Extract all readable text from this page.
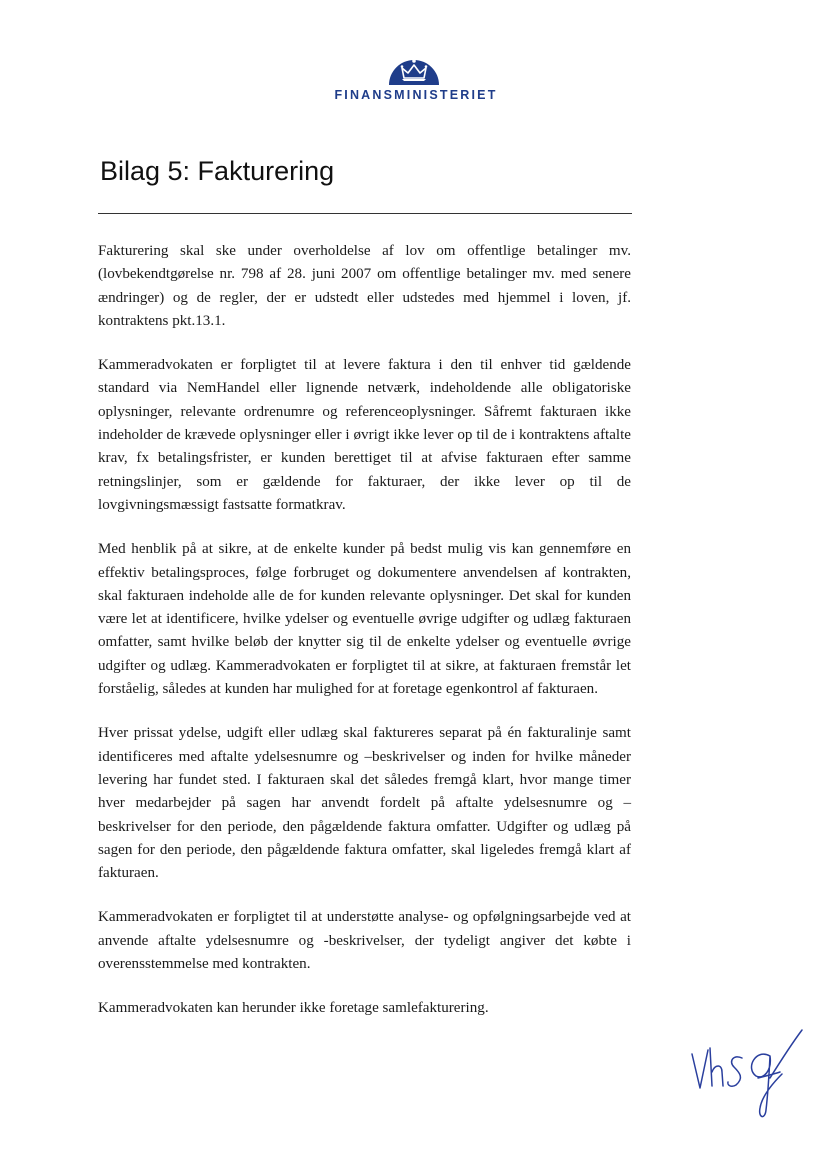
FINANSMINISTERIET
Bilag 5: Fakturering

Fakturering skal ske under overholdelse af lov om offentlige betalinger mv. (lovbekendtgørelse nr. 798 af 28. juni 2007 om offentlige betalinger mv. med senere ændringer) og de regler, der er udstedt eller udstedes med hjemmel i loven, jf. kontraktens pkt.13.1.

Kammeradvokaten er forpligtet til at levere faktura i den til enhver tid gældende standard via NemHandel eller lignende netværk, indeholdende alle obligatoriske oplysninger, relevante ordrenumre og referenceoplysninger. Såfremt fakturaen ikke indeholder de krævede oplysninger eller i øvrigt ikke lever op til de i kontraktens aftalte krav, fx betalingsfrister, er kunden berettiget til at afvise fakturaen efter samme retningslinjer, som er gældende for fakturaer, der ikke lever op til de lovgivningsmæssigt fastsatte formatkrav.

Med henblik på at sikre, at de enkelte kunder på bedst mulig vis kan gennemføre en effektiv betalingsproces, følge forbruget og dokumentere anvendelsen af kontrakten, skal fakturaen indeholde alle de for kunden relevante oplysninger. Det skal for kunden være let at identificere, hvilke ydelser og eventuelle øvrige udgifter og udlæg fakturaen omfatter, samt hvilke beløb der knytter sig til de enkelte ydelser og eventuelle øvrige udgifter og udlæg. Kammeradvokaten er forpligtet til at sikre, at fakturaen fremstår let forståelig, således at kunden har mulighed for at foretage egenkontrol af fakturaen.

Hver prissat ydelse, udgift eller udlæg skal faktureres separat på én fakturalinje samt identificeres med aftalte ydelsesnumre og –beskrivelser og inden for hvilke måneder levering har fundet sted. I fakturaen skal det således fremgå klart, hvor mange timer hver medarbejder på sagen har anvendt fordelt på aftalte ydelsesnumre og – beskrivelser for den periode, den pågældende faktura omfatter. Udgifter og udlæg på sagen for den periode, den pågældende faktura omfatter, skal ligeledes fremgå klart af fakturaen.

Kammeradvokaten er forpligtet til at understøtte analyse- og opfølgningsarbejde ved at anvende aftalte ydelsesnumre og -beskrivelser, der tydeligt angiver det købte i overensstemmelse med kontrakten.

Kammeradvokaten kan herunder ikke foretage samlefakturering.
